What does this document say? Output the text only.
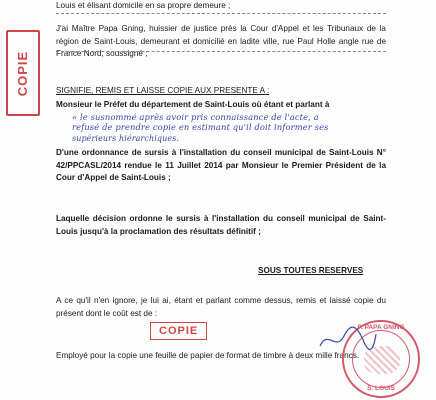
Louis et élisant domicile en sa propre demeure ;
J'ai Maître Papa Gning, huissier de justice près la Cour d'Appel et les Tribunaux de la région de Saint-Louis, demeurant et domicilié en ladite ville, rue Paul Holle angle rue de France Nord, soussigné ;
SIGNIFIE, REMIS ET LAISSE COPIE AUX PRESENTE A :
Monsieur le Préfet du département de Saint-Louis où étant et parlant à
« le susnommé après avoir pris connaissance de l'acte, a
refusé de prendre copie en estimant qu'il doit informer ses
supérieurs hiérarchiques.
D'une ordonnance de sursis à l'installation du conseil municipal de Saint-Louis N° 42/PPCASL/2014 rendue le 11 Juillet 2014 par Monsieur le Premier Président de la Cour d'Appel de Saint-Louis ;
Laquelle décision ordonne le sursis à l'installation du conseil municipal de Saint-Louis jusqu'à la proclamation des résultats définitif ;
SOUS TOUTES RESERVES
A ce qu'il n'en ignore, je lui ai, étant et parlant comme dessus, remis et laissé copie du présent dont le coût est de :
COPIE
Employé pour la copie une feuille de papier de format de timbre à deux mille francs.
COPIE
P. PAPA GNING
S. LOUIS
